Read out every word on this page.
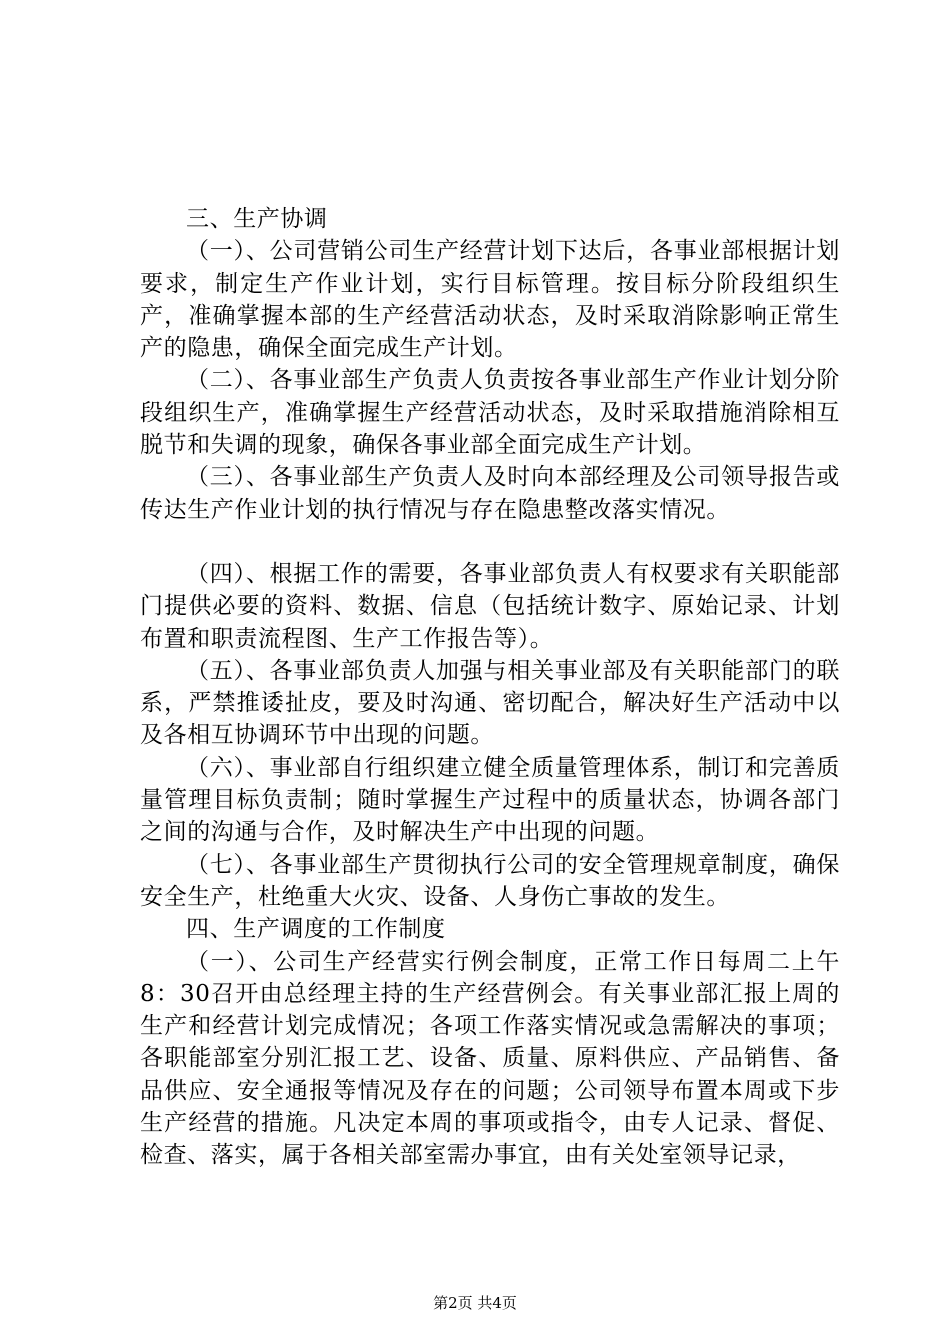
三、生产协调

（一）、公司营销公司生产经营计划下达后，各事业部根据计划要求，制定生产作业计划，实行目标管理。按目标分阶段组织生产，准确掌握本部的生产经营活动状态，及时采取消除影响正常生产的隐患，确保全面完成生产计划。

（二）、各事业部生产负责人负责按各事业部生产作业计划分阶段组织生产，准确掌握生产经营活动状态，及时采取措施消除相互脱节和失调的现象，确保各事业部全面完成生产计划。

（三）、各事业部生产负责人及时向本部经理及公司领导报告或传达生产作业计划的执行情况与存在隐患整改落实情况。

（四）、根据工作的需要，各事业部负责人有权要求有关职能部门提供必要的资料、数据、信息（包括统计数字、原始记录、计划布置和职责流程图、生产工作报告等）。

（五）、各事业部负责人加强与相关事业部及有关职能部门的联系，严禁推诿扯皮，要及时沟通、密切配合，解决好生产活动中以及各相互协调环节中出现的问题。

（六）、事业部自行组织建立健全质量管理体系，制订和完善质量管理目标负责制；随时掌握生产过程中的质量状态，协调各部门之间的沟通与合作，及时解决生产中出现的问题。

（七）、各事业部生产贯彻执行公司的安全管理规章制度，确保安全生产，杜绝重大火灾、设备、人身伤亡事故的发生。

四、生产调度的工作制度

（一）、公司生产经营实行例会制度，正常工作日每周二上午8：30召开由总经理主持的生产经营例会。有关事业部汇报上周的生产和经营计划完成情况；各项工作落实情况或急需解决的事项；各职能部室分别汇报工艺、设备、质量、原料供应、产品销售、备品供应、安全通报等情况及存在的问题；公司领导布置本周或下步生产经营的措施。凡决定本周的事项或指令，由专人记录、督促、检查、落实，属于各相关部室需办事宜，由有关处室领导记录，

第2页 共4页
